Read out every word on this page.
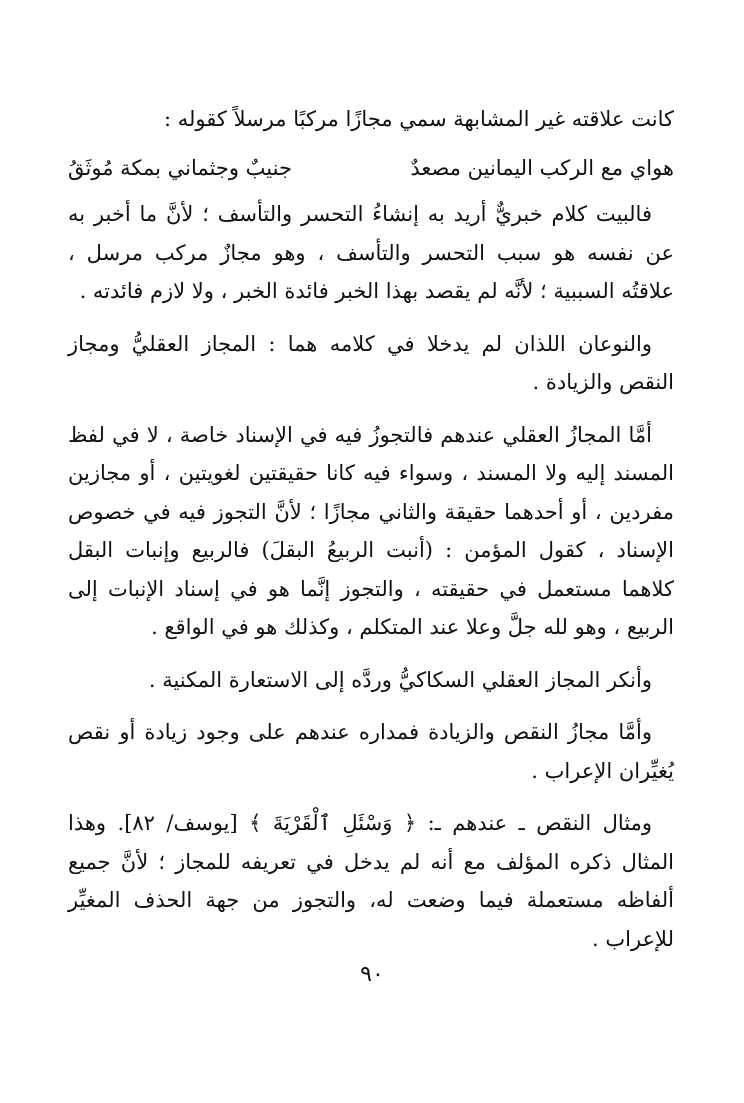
كانت علاقته غير المشابهة سمي مجازًا مركبًا مرسلاً كقوله :

هواي مع الركب اليمانين مصعدٌ
جنيبٌ وجثماني بمكة مُوثَقُ

فالبيت كلام خبريٌّ أريد به إنشاءُ التحسر والتأسف ؛ لأنَّ ما أخبر به عن نفسه هو سبب التحسر والتأسف ، وهو مجازٌ مركب مرسل ، علاقتُه السببية ؛ لأنَّه لم يقصد بهذا الخبر فائدة الخبر ، ولا لازم فائدته .

والنوعان اللذان لم يدخلا في كلامه هما : المجاز العقليُّ ومجاز النقص والزيادة .

أمَّا المجازُ العقلي عندهم فالتجوزُ فيه في الإسناد خاصة ، لا في لفظ المسند إليه ولا المسند ، وسواء فيه كانا حقيقتين لغويتين ، أو مجازين مفردين ، أو أحدهما حقيقة والثاني مجازًا ؛ لأنَّ التجوز فيه في خصوص الإسناد ، كقول المؤمن : (أنبت الربيعُ البقلَ) فالربيع وإنبات البقل كلاهما مستعمل في حقيقته ، والتجوز إنَّما هو في إسناد الإنبات إلى الربيع ، وهو لله جلَّ وعلا عند المتكلم ، وكذلك هو في الواقع .

وأنكر المجاز العقلي السكاكيُّ وردَّه إلى الاستعارة المكنية .

وأمَّا مجازُ النقص والزيادة فمداره عندهم على وجود زيادة أو نقص يُغيِّران الإعراب .

ومثال النقص ـ عندهم ـ: ﴿ وَسْئَلِ ٱلْقَرْيَةَ ﴾ [يوسف/ ٨٢]. وهذا المثال ذكره المؤلف مع أنه لم يدخل في تعريفه للمجاز ؛ لأنَّ جميع ألفاظه مستعملة فيما وضعت له، والتجوز من جهة الحذف المغيِّر للإعراب .

٩٠
